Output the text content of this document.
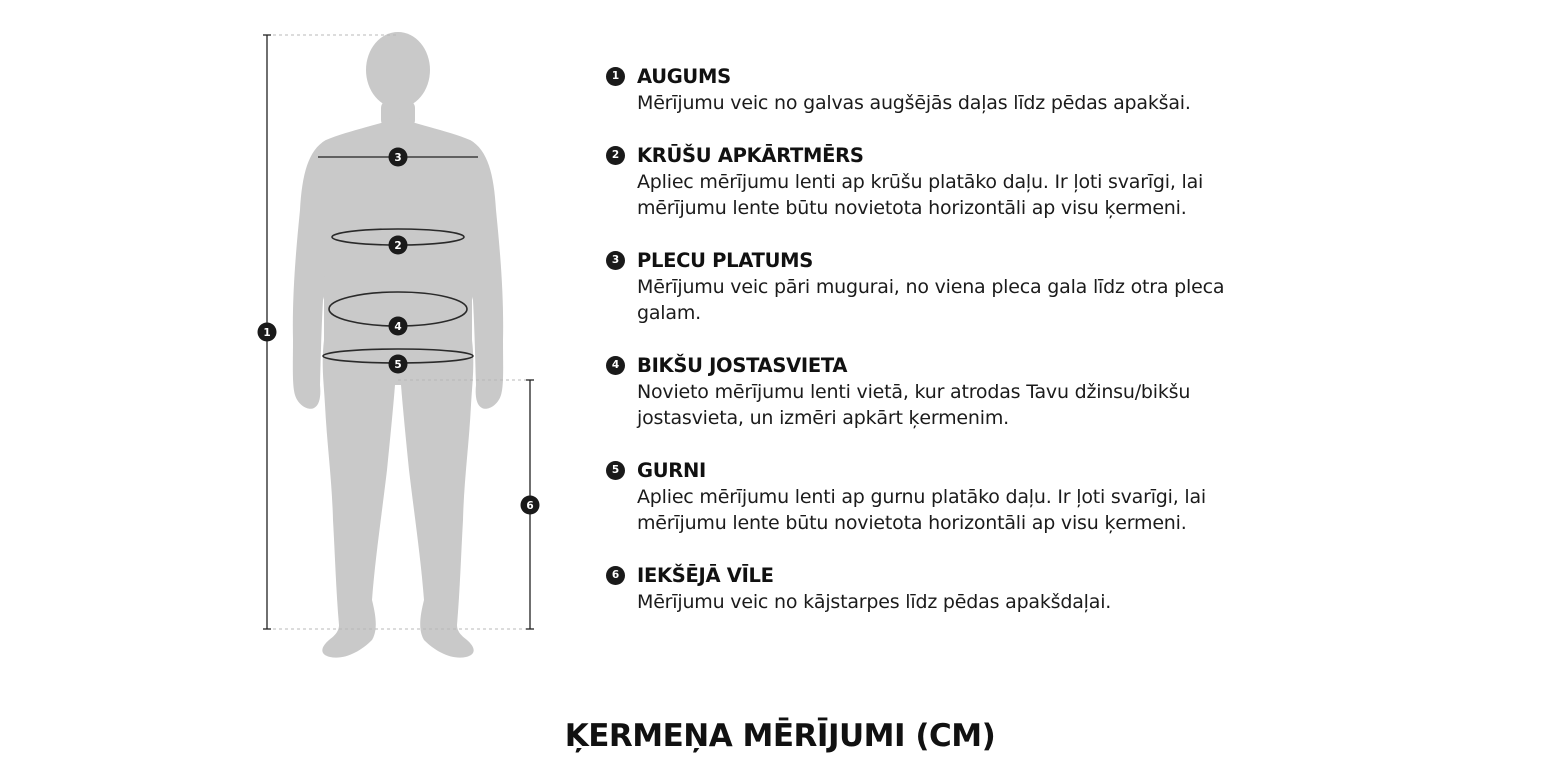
1
2
3
4
5
6
1 AUGUMS
Mērījumu veic no galvas augšējās daļas līdz pēdas apakšai.
2 KRŪŠU APKĀRTMĒRS
Apliec mērījumu lenti ap krūšu platāko daļu. Ir ļoti svarīgi, lai mērījumu lente būtu novietota horizontāli ap visu ķermeni.
3 PLECU PLATUMS
Mērījumu veic pāri mugurai, no viena pleca gala līdz otra pleca galam.
4 BIKŠU JOSTASVIETA
Novieto mērījumu lenti vietā, kur atrodas Tavu džinsu/bikšu jostasvieta, un izmēri apkārt ķermenim.
5 GURNI
Apliec mērījumu lenti ap gurnu platāko daļu. Ir ļoti svarīgi, lai mērījumu lente būtu novietota horizontāli ap visu ķermeni.
6 IEKŠĒJĀ VĪLE
Mērījumu veic no kājstarpes līdz pēdas apakšdaļai.
ĶERMEŅA MĒRĪJUMI (CM)
